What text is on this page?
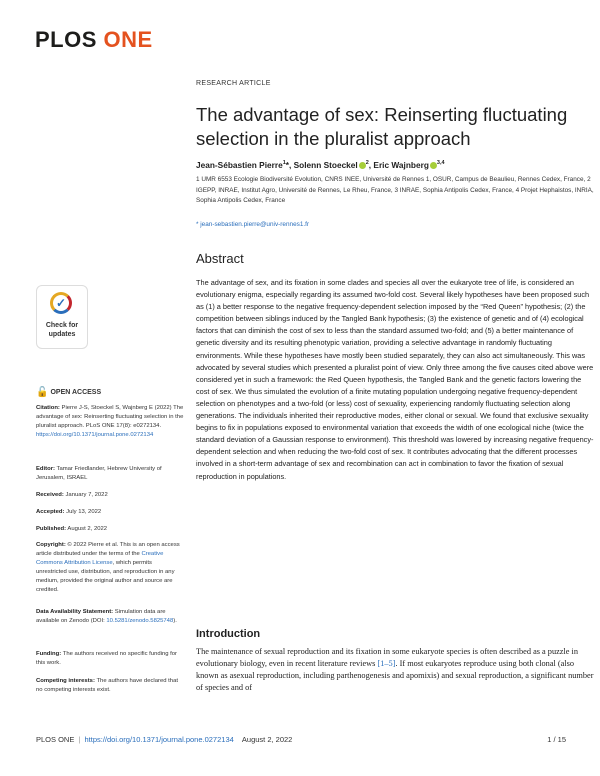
PLOS ONE
RESEARCH ARTICLE
The advantage of sex: Reinserting fluctuating selection in the pluralist approach
Jean-Sébastien Pierre$^1$*, Solenn Stoeckel $^2$, Eric Wajnberg $^{3,4}$

1 UMR 6553 Ecologie Biodiversité Evolution, CNRS INEE, Université de Rennes 1, OSUR, Campus de Beaulieu, Rennes Cedex, France, 2 IGEPP, INRAE, Institut Agro, Université de Rennes, Le Rheu, France, 3 INRAE, Sophia Antipolis Cedex, France, 4 Projet Hephaistos, INRIA, Sophia Antipolis Cedex, France

* jean-sebastien.pierre@univ-rennes1.fr
Abstract

The advantage of sex, and its fixation in some clades and species all over the eukaryote tree of life, is considered an evolutionary enigma, especially regarding its assumed two-fold cost. Several likely hypotheses have been proposed such as (1) a better response to the negative frequency-dependent selection imposed by the “Red Queen” hypothesis; (2) the competition between siblings induced by the Tangled Bank hypothesis; (3) the existence of genetic and of (4) ecological factors that can diminish the cost of sex to less than the standard assumed two-fold; and (5) a better maintenance of genetic diversity and its resulting phenotypic variation, providing a selective advantage in randomly fluctuating environments. While these hypotheses have mostly been studied separately, they can also act simultaneously. This was advocated by several studies which presented a pluralist point of view. Only three among the five causes cited above were considered yet in such a framework: the Red Queen hypothesis, the Tangled Bank and the genetic factors lowering the cost of sex. We thus simulated the evolution of a finite mutating population undergoing negative frequency-dependent selection on phenotypes and a two-fold (or less) cost of sexuality, experiencing randomly fluctuating selection along generations. The individuals inherited their reproductive modes, either clonal or sexual. We found that exclusive sexuality begins to fix in populations exposed to environmental variation that exceeds the width of one ecological niche (twice the standard deviation of a Gaussian response to environment). This threshold was lowered by increasing negative frequency-dependent selection and when reducing the two-fold cost of sex. It contributes advocating that the different processes involved in a short-term advantage of sex and recombination can act in combination to favor the fixation of sexual reproduction in populations.

✓
Check for
updates
🔓 OPEN ACCESS

Citation: Pierre J-S, Stoeckel S, Wajnberg E (2022) The advantage of sex: Reinserting fluctuating selection in the pluralist approach. PLoS ONE 17(8): e0272134. https://doi.org/10.1371/journal.pone.0272134

Editor: Tamar Friedlander, Hebrew University of Jerusalem, ISRAEL

Received: January 7, 2022

Accepted: July 13, 2022

Published: August 2, 2022

Copyright: © 2022 Pierre et al. This is an open access article distributed under the terms of the Creative Commons Attribution License, which permits unrestricted use, distribution, and reproduction in any medium, provided the original author and source are credited.

Data Availability Statement: Simulation data are available on Zenodo (DOI: 10.5281/zenodo.5825748).

Funding: The authors received no specific funding for this work.

Competing interests: The authors have declared that no competing interests exist.

Introduction

The maintenance of sexual reproduction and its fixation in some eukaryote species is often described as a puzzle in evolutionary biology, even in recent literature reviews [1–5]. If most eukaryotes reproduce using both clonal (also known as asexual reproduction, including parthenogenesis and apomixis) and sexual reproduction, a significant number of species and of

PLOS ONE | https://doi.org/10.1371/journal.pone.0272134 August 2, 2022	1 / 15
